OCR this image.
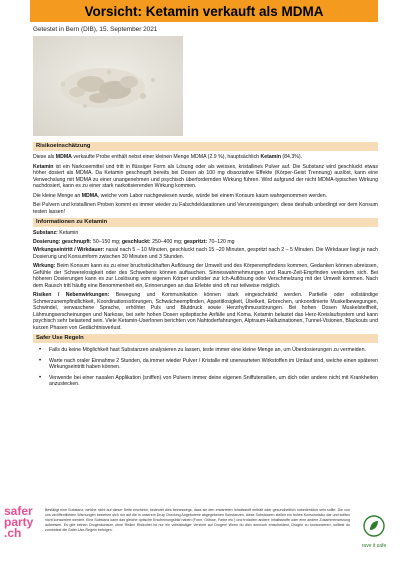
Vorsicht: Ketamin verkauft als MDMA
Getestet in Bern (DIB), 15. September 2021
Risikoeinschätzung
Diese als MDMA verkaufte Probe enthält nebst einer kleinen Menge MDMA (2.9 %), hauptsächlich Ketamin (84.3%).
Ketamin ist ein Narkosemittel und tritt in flüssiger Form als Lösung oder als weisses, kristallines Pulver auf. Die Substanz wird geschluckt etwas höher dosiert als MDMA. Da Ketamin geschnupft bereits bei Dosen ab 100 mg dissoziative Effekte (Körper-Geist Trennung) auslöst, kann eine Verwechslung mit MDMA zu einer unangenehmen und psychisch überfordernden Wirkung führen. Wird aufgrund der nicht MDMA-typischen Wirkung nachdosiert, kann es zu einer stark narkotisierenden Wirkung kommen.
Die kleine Menge an MDMA, welche vom Labor nachgewiesen wurde, würde bei einem Konsum kaum wahrgenommen werden.
Bei Pulvern und kristallinen Proben kommt es immer wieder zu Falschdeklarationen und Verunreinigungen; diese deshalb unbedingt vor dem Konsum testen lassen!
Informationen zu Ketamin
Substanz: Ketamin
Dosierung: geschnupft: 50–150 mg; geschluckt: 250–400 mg; gespritzt: 70–120 mg
Wirkungseintritt / Wirkdauer: nasal nach 5 – 10 Minuten, geschluckt nach 15 –20 Minuten, gespritzt nach 2 – 5 Minuten. Die Wirkdauer liegt je nach Dosierung und Konsumform zwischen 30 Minuten und 3 Stunden.
Wirkung: Beim Konsum kann es zu einer bruchstückhaften Auflösung der Umwelt und des Körperempfindens kommen, Gedanken können abreissen, Gefühle der Schwerelosigkeit oder des Schwebens können auftauchen. Sinneswahrnehmungen und Raum-Zeit-Empfinden verändern sich. Bei höheren Dosierungen kann es zur Loslösung vom eigenen Körper und/oder zur Ich-Auflösung oder Verschmelzung mit der Umwelt kommen. Nach dem Rausch tritt häufig eine Benommenheit ein, Erinnerungen an das Erlebte sind oft nur teilweise möglich.
Risiken / Nebenwirkungen: Bewegung und Kommunikation können stark eingeschränkt werden. Partielle oder vollständige Schmerzunempfindlichkeit, Koordinationsstörungen, Schwächeempfinden, Appetitlosigkeit, Übelkeit, Erbrechen, unkoordinierte Muskelbewegungen, Schwindel, verwaschene Sprache, erhöhter Puls und Blutdruck sowie Herzrhythmusstörungen. Bei hohen Dosen Muskelsteifheit, Lähmungserscheinungen und Narkose, bei sehr hohen Dosen epileptische Anfälle und Koma. Ketamin belastet das Herz-Kreislaufsystem und kann psychisch sehr belastend sein. Viele Ketamin-UserInnen berichten von Nahtoderfahrungen, Alptraum-Halluzinationen, Tunnel-Visionen, Blackouts und kurzen Phasen von Gedächtnisverlust.
Safer Use Regeln
• Falls du keine Möglichkeit hast Substanzen analysieren zu lassen, teste immer eine kleine Menge an, um Überdosierungen zu vermeiden.
• Warte nach oraler Einnahme 2 Stunden, da immer wieder Pulver / Kristalle mit unerwarteten Wirkstoffen im Umlauf sind, welche einen späteren Wirkungseintritt haben können.
• Verwende bei einer nasalen Applikation (sniffen) von Pulvern immer deine eigenen Sniffutensilien, um dich oder andere nicht mit Krankheiten anzustecken.
safer
party
.ch
Bestätigt eine Substanz, welche nicht auf dieser Seite erscheint, bedeutet dies keineswegs, dass sie den erwarteten Inhaltsstoff enthält oder gesundheitlich unbedenklich sein sollte. Die von uns veröffentlichten Warnungen beziehen sich nur auf die in unserem Drug Checking Angebotene abgegebenen Substanzen, diese Substanzen stellen ein hohes Konsumrisiko dar und sollten nicht konsumiert werden. Eine Substanz kann das gleiche optische Erscheinungsbild haben (Form, Grösse, Farbe etc.) und trotzdem andere Inhaltsstoffe oder eine andere Zusammensetzung aufweisen. Es gibt keinen Drogenkonsum ohne Risiko! Risikofrei ist nur ein vollständiger Verzicht auf Drogen! Wenn du dich dennoch entscheidest, Drogen zu konsumieren, solltest du zumindest die Safer-Use-Regeln befolgen.
rave it safe
